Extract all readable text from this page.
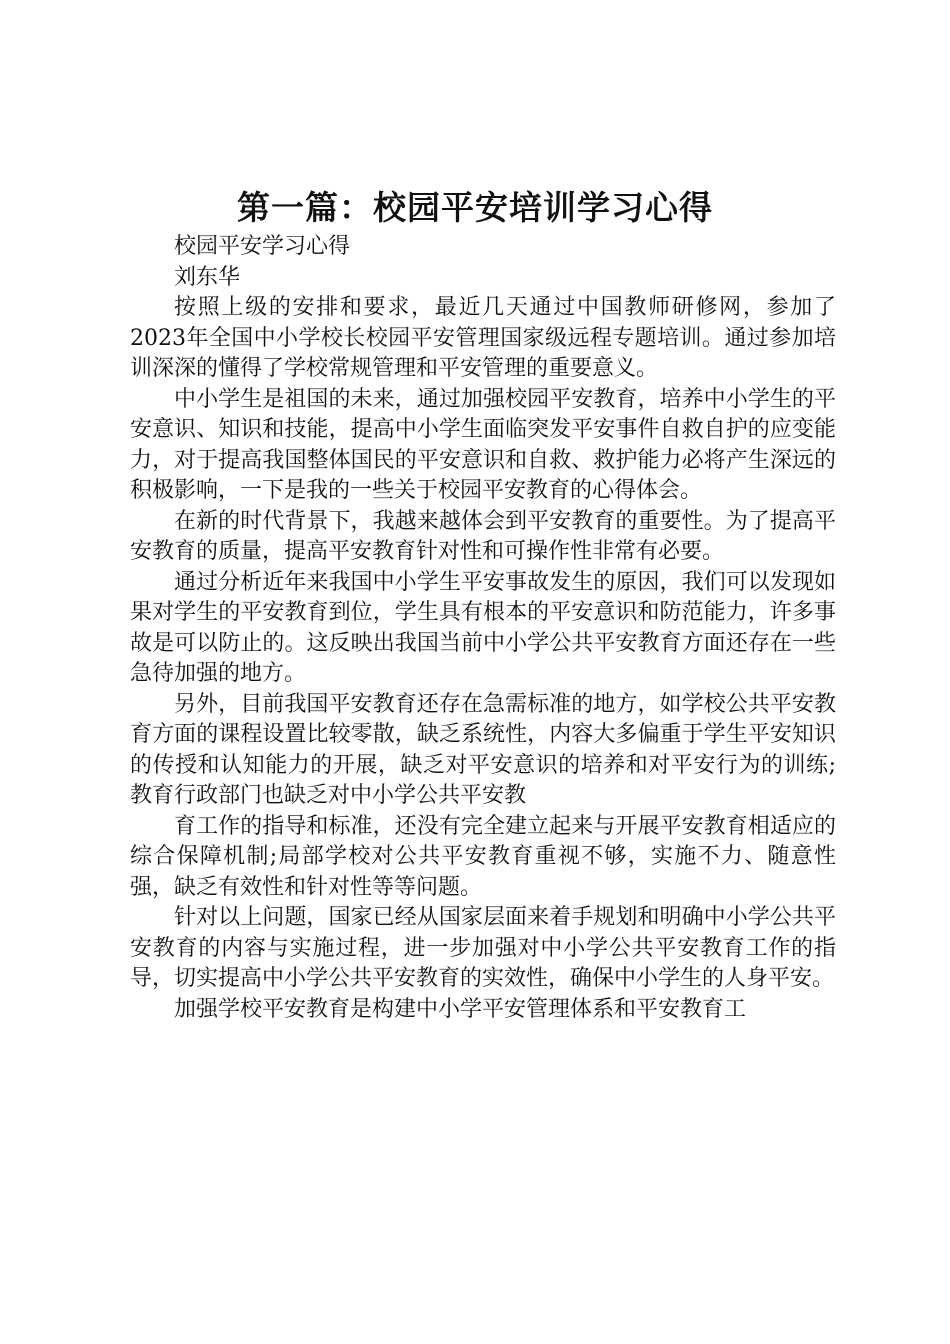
第一篇：校园平安培训学习心得

校园平安学习心得

刘东华

按照上级的安排和要求，最近几天通过中国教师研修网，参加了2023年全国中小学校长校园平安管理国家级远程专题培训。通过参加培训深深的懂得了学校常规管理和平安管理的重要意义。

中小学生是祖国的未来，通过加强校园平安教育，培养中小学生的平安意识、知识和技能，提高中小学生面临突发平安事件自救自护的应变能力，对于提高我国整体国民的平安意识和自救、救护能力必将产生深远的积极影响，一下是我的一些关于校园平安教育的心得体会。

在新的时代背景下，我越来越体会到平安教育的重要性。为了提高平安教育的质量，提高平安教育针对性和可操作性非常有必要。

通过分析近年来我国中小学生平安事故发生的原因，我们可以发现如果对学生的平安教育到位，学生具有根本的平安意识和防范能力，许多事故是可以防止的。这反映出我国当前中小学公共平安教育方面还存在一些急待加强的地方。

另外，目前我国平安教育还存在急需标准的地方，如学校公共平安教育方面的课程设置比较零散，缺乏系统性，内容大多偏重于学生平安知识的传授和认知能力的开展，缺乏对平安意识的培养和对平安行为的训练;教育行政部门也缺乏对中小学公共平安教

育工作的指导和标准，还没有完全建立起来与开展平安教育相适应的综合保障机制;局部学校对公共平安教育重视不够，实施不力、随意性强，缺乏有效性和针对性等等问题。

针对以上问题，国家已经从国家层面来着手规划和明确中小学公共平安教育的内容与实施过程，进一步加强对中小学公共平安教育工作的指导，切实提高中小学公共平安教育的实效性，确保中小学生的人身平安。

加强学校平安教育是构建中小学平安管理体系和平安教育工
